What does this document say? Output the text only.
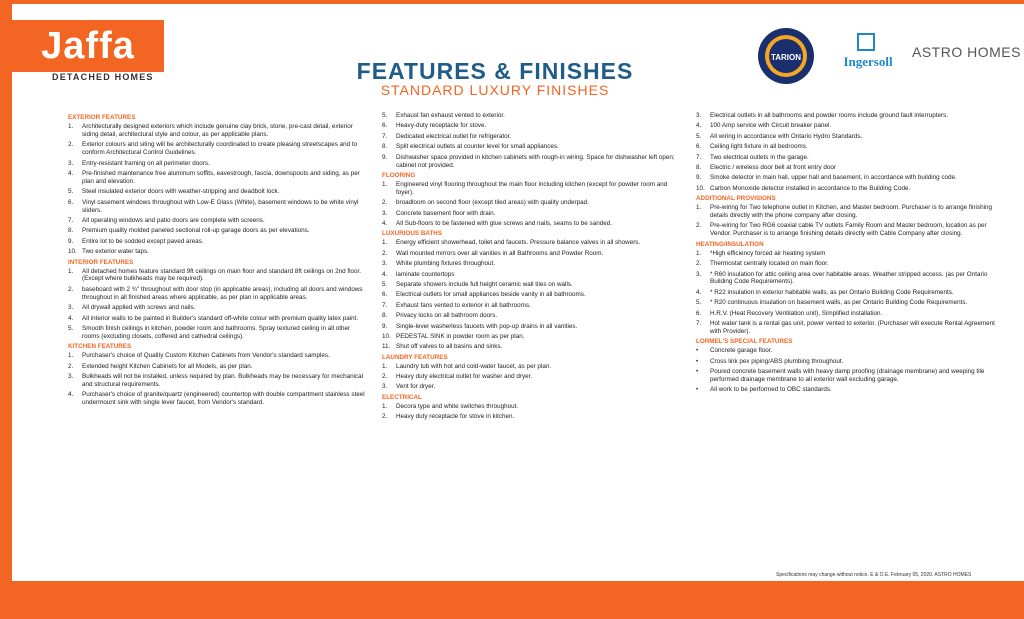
Jaffa
DETACHED HOMES	FEATURES & FINISHES
STANDARD LUXURY FINISHES
TARION	Ingersoll
ASTRO HOMES
EXTERIOR FEATURES
1.	Architecturally designed exteriors which include genuine clay brick, stone, pre-cast detail, exterior siding detail, architectural style and colour, as per applicable plans.
2.	Exterior colours and siting will be architecturally coordinated to create pleasing streetscapes and to conform Architectural Control Guidelines.
3.	Entry-resistant framing on all perimeter doors.
4.	Pre-finished maintenance free aluminum soffits, eavestrough, fascia, downspouts and siding, as per plan and elevation.
5.	Steel insulated exterior doors with weather-stripping and deadbolt lock.
6.	Vinyl casement windows throughout with Low-E Glass (White), basement windows to be white vinyl sliders.
7.	All operating windows and patio doors are complete with screens.
8.	Premium quality molded paneled sectional roll-up garage doors as per elevations.
9.	Entire lot to be sodded except paved areas.
10. Two exterior water taps.
INTERIOR FEATURES
1.	All detached homes feature standard 9ft ceilings on main floor and standard 8ft ceilings on 2nd floor. (Except where bulkheads may be required).
2.	baseboard with 2 ¾" throughout with door stop (in applicable areas), including all doors and windows throughout in all finished areas where applicable, as per plan in applicable areas.
3.	All drywall applied with screws and nails.
4.	All interior walls to be painted in Builder's standard off-white colour with premium quality latex paint.
5.	Smooth finish ceilings in kitchen, powder room and bathrooms. Spray textured ceiling in all other rooms (excluding closets, coffered and cathedral ceilings).
KITCHEN FEATURES
1.	Purchaser's choice of Quality Custom Kitchen Cabinets from Vendor's standard samples.
2.	Extended height Kitchen Cabinets for all Models, as per plan.
3.	Bulkheads will not be installed, unless required by plan. Bulkheads may be necessary for mechanical and structural requirements.
4.	Purchaser's choice of granite/quartz (engineered) countertop with double compartment stainless steel undermount sink with single lever faucet, from Vendor's standard.
5.	Exhaust fan exhaust vented to exterior.
6.	Heavy-duty receptacle for stove.
7.	Dedicated electrical outlet for refrigerator.
8.	Split electrical outlets at counter level for small appliances.
9.	Dishwasher space provided in kitchen cabinets with rough-in wiring. Space for dishwasher left open; cabinet not provided.
FLOORING
1.	Engineered vinyl flooring throughout the main floor including kitchen (except for powder room and foyer).
2.	broadloom on second floor (except tiled areas) with quality underpad.
3.	Concrete basement floor with drain.
4.	All Sub-floors to be fastened with glue screws and nails, seams to be sanded.
LUXURIOUS BATHS
1.	Energy efficient showerhead, toilet and faucets. Pressure balance valves in all showers.
2.	Wall mounted mirrors over all vanities in all Bathrooms and Powder Room.
3.	White plumbing fixtures throughout.
4.	laminate countertops
5.	Separate showers include full height ceramic wall tiles on walls.
6.	Electrical outlets for small appliances beside vanity in all bathrooms.
7.	Exhaust fans vented to exterior in all bathrooms.
8.	Privacy locks on all bathroom doors.
9.	Single-lever washerless faucets with pop-up drains in all vanities.
10. PEDESTAL SINK in powder room as per plan.
11. Shut off valves to all basins and sinks.
LAUNDRY FEATURES
1.	Laundry tub with hot and cold-water faucet, as per plan.
2.	Heavy duty electrical outlet for washer and dryer.
3.	Vent for dryer.
ELECTRICAL
1.	Decora type and white switches throughout.
2.	Heavy duty receptacle for stove in kitchen.
3.	Electrical outlets in all bathrooms and powder rooms include ground fault interrupters.
4.	100 Amp service with Circuit breaker panel.
5.	All wiring in accordance with Ontario Hydro Standards.
6.	Ceiling light fixture in all bedrooms.
7.	Two electrical outlets in the garage.
8.	Electric / wireless door bell at front entry door
9.	Smoke detector in main hall, upper hall and basement, in accordance with building code.
10. Carbon Monoxide detector installed in accordance to the Building Code.
ADDITIONAL PROVISIONS
1.	Pre-wiring for Two telephone outlet in Kitchen, and Master bedroom. Purchaser is to arrange finishing details directly with the phone company after closing.
2.	Pre-wiring for Two RG6 coaxial cable TV outlets Family Room and Master bedroom, location as per Vendor. Purchaser is to arrange finishing details directly with Cable Company after closing.
HEATING/INSULATION
1.	*High efficiency forced air heating system
2.	Thermostat centrally located on main floor.
3.	* R60 insulation for attic ceiling area over habitable areas. Weather stripped access. (as per Ontario Building Code Requirements).
4.	* R22 insulation in exterior habitable walls, as per Ontario Building Code Requirements.
5.	* R20 continuous insulation on basement walls, as per Ontario Building Code Requirements.
6.	H.R.V. (Heat Recovery Ventilation unit), Simplified installation.
7.	Hot water tank is a rental gas unit, power vented to exterior. (Purchaser will execute Rental Agreement with Provider).
LORMEL'S SPECIAL FEATURES
•	Concrete garage floor.
•	Cross link pex piping/ABS plumbing throughout.
•	Poured concrete basement walls with heavy damp proofing (drainage membrane) and weeping tile performed drainage membrane to all exterior wall excluding garage.
•	All work to be performed to OBC standards.
Specifications may change without notice. E & O.E. February 05, 2020. ASTRO HOMES
